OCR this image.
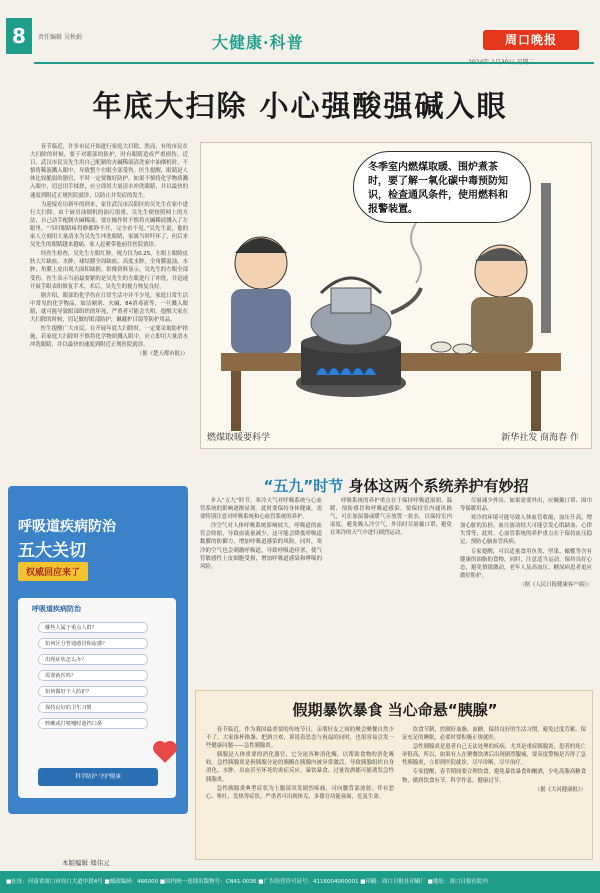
8	责任编辑 吴秋娟	大健康·科普	周口晚报
年底大扫除 小心强酸强碱入眼

春节临近，许多市民开始进行家庭大扫除，然而，有的市民在大扫除的时候，要于对眼部的防护，时有眼睛造成严重损伤。近日，武汉市民吴先生用自己配制的火碱稀液清洗家中油烟机时，不慎将稀液溅入眼中，导致整个左眼全部受伤。医生提醒，眼睛是人体比较脆弱的器官，平时一定要做好防护。如果不慎将化学物质溅入眼中，切忌用手揉搓，应立即用大量清水冲洗眼睛，并以最快的速度到附近正规医院就诊，以防止并发症的发生。

为迎接农历新年的到来，家住武汉市汉阳区的吴先生在家中进行大扫除。由于厨房油烟机的油污很重，吴先生便按照网上的方法，自己动手配制火碱稀液。要在操作时不慎将火碱稀液溅入了左眼里。“当时眼睛疼得睁都睁不开，完全看不见。”吴先生说，他的家人立刻用大量清水为吴先生冲洗眼睛，家属当时吓坏了，但后来吴先生的眼睛越来越痛，家人赶紧带他前往医院就诊。

经医生检查，吴先生左眼红肿，视力仅为0.25，左眼上眼睑皮肤大片缺血、水肿，球结膜全周缺血，高度水肿，全角膜混浊、水肿，角膜上皮出现大面积缺损。影像资料显示，吴先生的左眼全部受伤。医生表示当前最要紧的是吴先生的左眼进行了冲洗，并迅速开展手眼表组修复手术，术后，吴先生的视力恢复良好。

据介绍，眼部的化学伤在日常生活中并不少见，家庭日常生活中常见的化学物品，如洁厕剂、火碱、84消毒液等，一旦溅入眼睛，就可能导致眼部组织的坏死，严重者可能会失明。提醒大家在大扫除的时候，切记做好眼部防护，佩戴护目镜等防护用品。

医生提醒广大市民，在开展年底大扫除时，一定要采取防护措施，若家庭大扫除时不慎将化学物质溅入眼中，应立即用大量清水冲洗眼睛，并以最快的速度到附近正规医院就诊。

（据《楚天都市报》）
冬季室内燃煤取暖、围炉煮茶时，要了解一氧化碳中毒预防知识，检查通风条件，使用燃料和报警装置。
燃煤取暖要科学	新华社发 商海春 作
“五九”时节 身体这两个系统养护有妙招

步入“五九”时节，寒冷天气对呼吸系统与心血管系统的影响逐渐显现。此时要保持身体健康，需要特别注意对呼吸系统和心血管系统的养护。

冷空气对人体呼吸系统影响较大，呼吸道的血管会收缩，导致血流量减少，这可能会降低呼吸道黏膜的防御力，增加呼吸道感染的风险。同时，寒冷的空气也会刺激呼吸道，导致呼吸道痉挛，使气管敏感性上皮细胞受损，增加呼吸道感染和哮喘的风险。

呼吸系统的养护重点在于保持呼吸道湿润、温暖，预防感冒和呼吸道感染。要保持室内通风换气，可在加湿器或暖气旁放置一盆水，以保持室内湿度。避免吸入冷空气，外出时尽量戴口罩，避免在寒冷的天气中进行剧烈运动。

尽量减少外出。如果需要外出，应佩戴口罩、围巾等保暖用品。

寒冷的环境可能导致人体血管收缩，血压升高，增加心脏的负担。血压波动较大可能引发心肌缺血、心律失常等，此时，心血管系统的养护重点在于保持血压稳定、预防心脑血管疾病。

专家提醒，可以适量食用鱼类、坚果、橄榄等含有健康的油脂的食物，同时，注意适当运动，保持良好心态，避免情绪激动，老年人及高血压、糖尿病患者更应做好防护。

（据《人民日报健康客户端》）
呼吸道疾病防治
五大关切
权威回应来了
呼吸道疾病防治
哪些人属于重点人群？
如何区分普通感冒和流感？
出现症状怎么办？
需要就医吗？
如何做好个人防护？
保持良好的卫生习惯
咳嗽或打喷嚏时遮挡口鼻
科学防护 守护健康
假期暴饮暴食 当心命悬“胰腺”

春节临近，作为我国最重要的传统节日，亲朋好友之间的聚会聚餐自然少不了，大家推杯换盏、把酒言欢，诉说着思念与祝福的同时，也很容易引发一些健康问题——急性胰腺炎。

胰腺是人体重要的消化器官，它分泌各种消化酶，以帮助食物的消化吸收。急性胰腺炎是指胰腺分泌的胰酶在胰腺内被异常激活，导致胰腺组织自身消化、水肿、出血甚至坏死的炎症反应。暴饮暴食、过量饮酒都可能诱发急性胰腺炎。

急性胰腺炎典型症状为上腹部突发剧烈疼痛，可向腰背部放射，伴有恶心、呕吐、发热等症状。严重者可出现休克、多器官功能衰竭，危及生命。

饮食节制，控制好血脂、血糖，保持良好的生活习惯，避免过度劳累，保证充足的睡眠，必要时要积极正规就医。

急性胰腺炎是患者自己无法处理的疾病，尤其是重症胰腺炎，患者的死亡率很高。所以，如果有人在聚餐饮酒后出现剧烈腹痛，要高度警惕是否得了急性胰腺炎，立即到医院就诊，尽早诊断，尽早治疗。

专家提醒，春节期间要合理饮食，避免暴饮暴食和酗酒，少吃高脂高糖食物，做到饮食有节，科学作息，健康过节。

（据《大河健康报》）
本版编辑 郑伟元
■社址：河南省周口市周口大道中段4号 ■邮政编码：466000 ■国内统一连续出版物号：CN41-0036 ■广告经营许可证号：4116004000001 ■印刷：周口日报社印刷厂 ■地址：周口日报社院内
